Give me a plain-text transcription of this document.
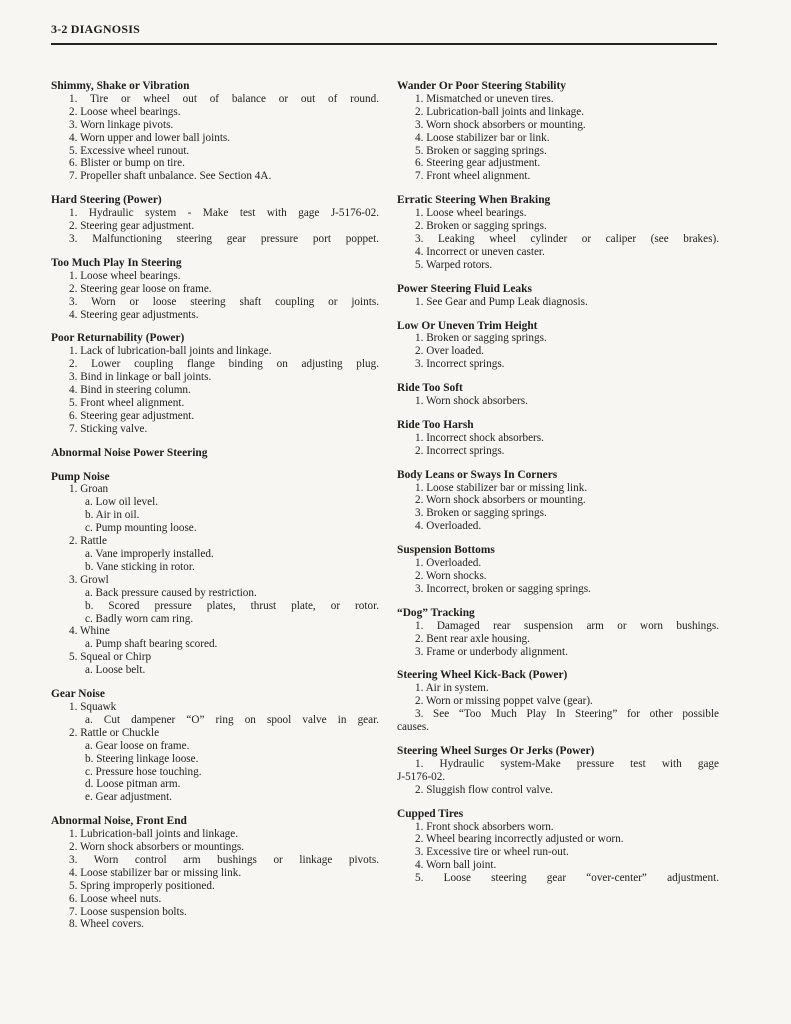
3-2 DIAGNOSIS
Shimmy, Shake or Vibration
1. Tire or wheel out of balance or out of round.
2. Loose wheel bearings.
3. Worn linkage pivots.
4. Worn upper and lower ball joints.
5. Excessive wheel runout.
6. Blister or bump on tire.
7. Propeller shaft unbalance. See Section 4A.
Hard Steering (Power)
1. Hydraulic system - Make test with gage J-5176-02.
2. Steering gear adjustment.
3. Malfunctioning steering gear pressure port poppet.
Too Much Play In Steering
1. Loose wheel bearings.
2. Steering gear loose on frame.
3. Worn or loose steering shaft coupling or joints.
4. Steering gear adjustments.
Poor Returnability (Power)
1. Lack of lubrication-ball joints and linkage.
2. Lower coupling flange binding on adjusting plug.
3. Bind in linkage or ball joints.
4. Bind in steering column.
5. Front wheel alignment.
6. Steering gear adjustment.
7. Sticking valve.
Abnormal Noise Power Steering
Pump Noise
1. Groan
a. Low oil level.
b. Air in oil.
c. Pump mounting loose.
2. Rattle
a. Vane improperly installed.
b. Vane sticking in rotor.
3. Growl
a. Back pressure caused by restriction.
b. Scored pressure plates, thrust plate, or rotor.
c. Badly worn cam ring.
4. Whine
a. Pump shaft bearing scored.
5. Squeal or Chirp
a. Loose belt.
Gear Noise
1. Squawk
a. Cut dampener “O” ring on spool valve in gear.
2. Rattle or Chuckle
a. Gear loose on frame.
b. Steering linkage loose.
c. Pressure hose touching.
d. Loose pitman arm.
e. Gear adjustment.
Abnormal Noise, Front End
1. Lubrication-ball joints and linkage.
2. Worn shock absorbers or mountings.
3. Worn control arm bushings or linkage pivots.
4. Loose stabilizer bar or missing link.
5. Spring improperly positioned.
6. Loose wheel nuts.
7. Loose suspension bolts.
8. Wheel covers.
Wander Or Poor Steering Stability
1. Mismatched or uneven tires.
2. Lubrication-ball joints and linkage.
3. Worn shock absorbers or mounting.
4. Loose stabilizer bar or link.
5. Broken or sagging springs.
6. Steering gear adjustment.
7. Front wheel alignment.
Erratic Steering When Braking
1. Loose wheel bearings.
2. Broken or sagging springs.
3. Leaking wheel cylinder or caliper (see brakes).
4. Incorrect or uneven caster.
5. Warped rotors.
Power Steering Fluid Leaks
1. See Gear and Pump Leak diagnosis.
Low Or Uneven Trim Height
1. Broken or sagging springs.
2. Over loaded.
3. Incorrect springs.
Ride Too Soft
1. Worn shock absorbers.
Ride Too Harsh
1. Incorrect shock absorbers.
2. Incorrect springs.
Body Leans or Sways In Corners
1. Loose stabilizer bar or missing link.
2. Worn shock absorbers or mounting.
3. Broken or sagging springs.
4. Overloaded.
Suspension Bottoms
1. Overloaded.
2. Worn shocks.
3. Incorrect, broken or sagging springs.
“Dog” Tracking
1. Damaged rear suspension arm or worn bushings.
2. Bent rear axle housing.
3. Frame or underbody alignment.
Steering Wheel Kick-Back (Power)
1. Air in system.
2. Worn or missing poppet valve (gear).
3. See “Too Much Play In Steering” for other possible
causes.
Steering Wheel Surges Or Jerks (Power)
1. Hydraulic system-Make pressure test with gage
J-5176-02.
2. Sluggish flow control valve.
Cupped Tires
1. Front shock absorbers worn.
2. Wheel bearing incorrectly adjusted or worn.
3. Excessive tire or wheel run-out.
4. Worn ball joint.
5. Loose steering gear “over-center” adjustment.
